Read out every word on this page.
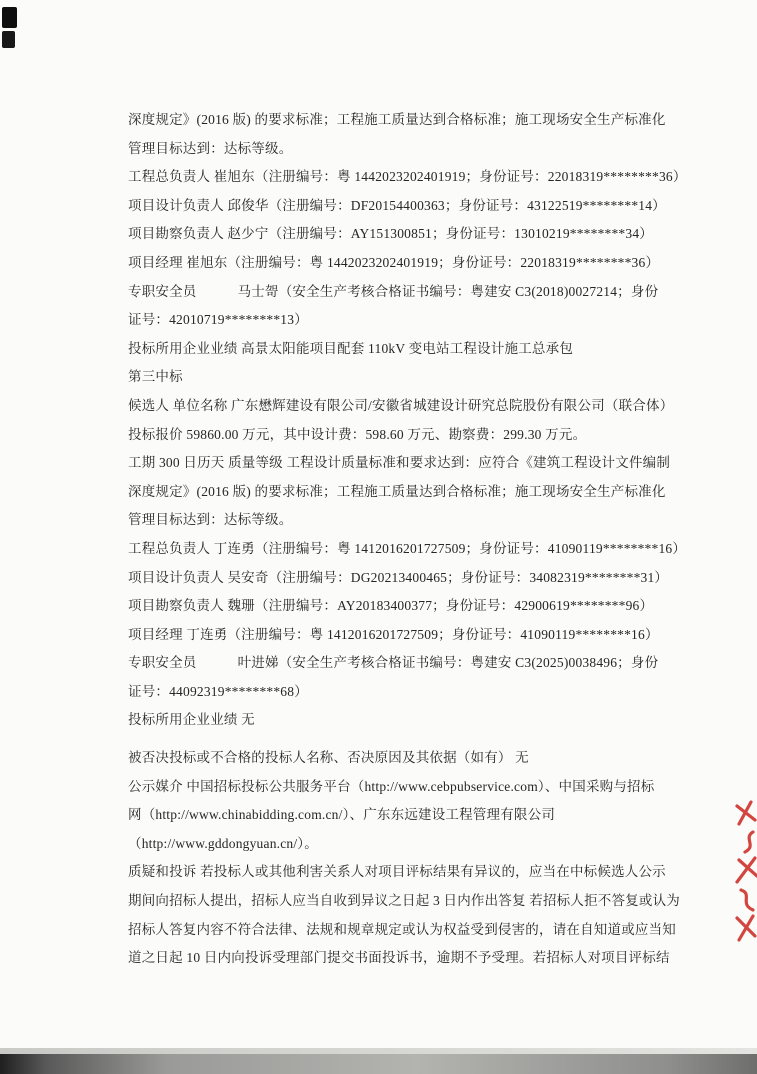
深度规定》(2016 版) 的要求标准；工程施工质量达到合格标准；施工现场安全生产标准化
管理目标达到：达标等级。
工程总负责人 崔旭东（注册编号：粤 1442023202401919；身份证号：22018319********36）
项目设计负责人 邱俊华（注册编号：DF20154400363；身份证号：43122519********14）
项目勘察负责人 赵少宁（注册编号：AY151300851；身份证号：13010219********34）
项目经理 崔旭东（注册编号：粤 1442023202401919；身份证号：22018319********36）
专职安全员　　　马士哿（安全生产考核合格证书编号：粤建安 C3(2018)0027214；身份
证号：42010719********13）
投标所用企业业绩 高景太阳能项目配套 110kV 变电站工程设计施工总承包
第三中标
候选人 单位名称 广东懋辉建设有限公司/安徽省城建设计研究总院股份有限公司（联合体）
投标报价 59860.00 万元，其中设计费：598.60 万元、勘察费：299.30 万元。
工期 300 日历天 质量等级 工程设计质量标准和要求达到：应符合《建筑工程设计文件编制
深度规定》(2016 版) 的要求标准；工程施工质量达到合格标准；施工现场安全生产标准化
管理目标达到：达标等级。
工程总负责人 丁连勇（注册编号：粤 1412016201727509；身份证号：41090119********16）
项目设计负责人 吴安奇（注册编号：DG20213400465；身份证号：34082319********31）
项目勘察负责人 魏珊（注册编号：AY20183400377；身份证号：42900619********96）
项目经理 丁连勇（注册编号：粤 1412016201727509；身份证号：41090119********16）
专职安全员　　　叶进娣（安全生产考核合格证书编号：粤建安 C3(2025)0038496；身份
证号：44092319********68）
投标所用企业业绩 无
被否决投标或不合格的投标人名称、否决原因及其依据（如有） 无
公示媒介 中国招标投标公共服务平台（http://www.cebpubservice.com）、中国采购与招标
网（http://www.chinabidding.com.cn/）、广东东远建设工程管理有限公司
（http://www.gddongyuan.cn/）。
质疑和投诉 若投标人或其他利害关系人对项目评标结果有异议的，应当在中标候选人公示
期间向招标人提出，招标人应当自收到异议之日起 3 日内作出答复 若招标人拒不答复或认为
招标人答复内容不符合法律、法规和规章规定或认为权益受到侵害的，请在自知道或应当知
道之日起 10 日内向投诉受理部门提交书面投诉书，逾期不予受理。若招标人对项目评标结
